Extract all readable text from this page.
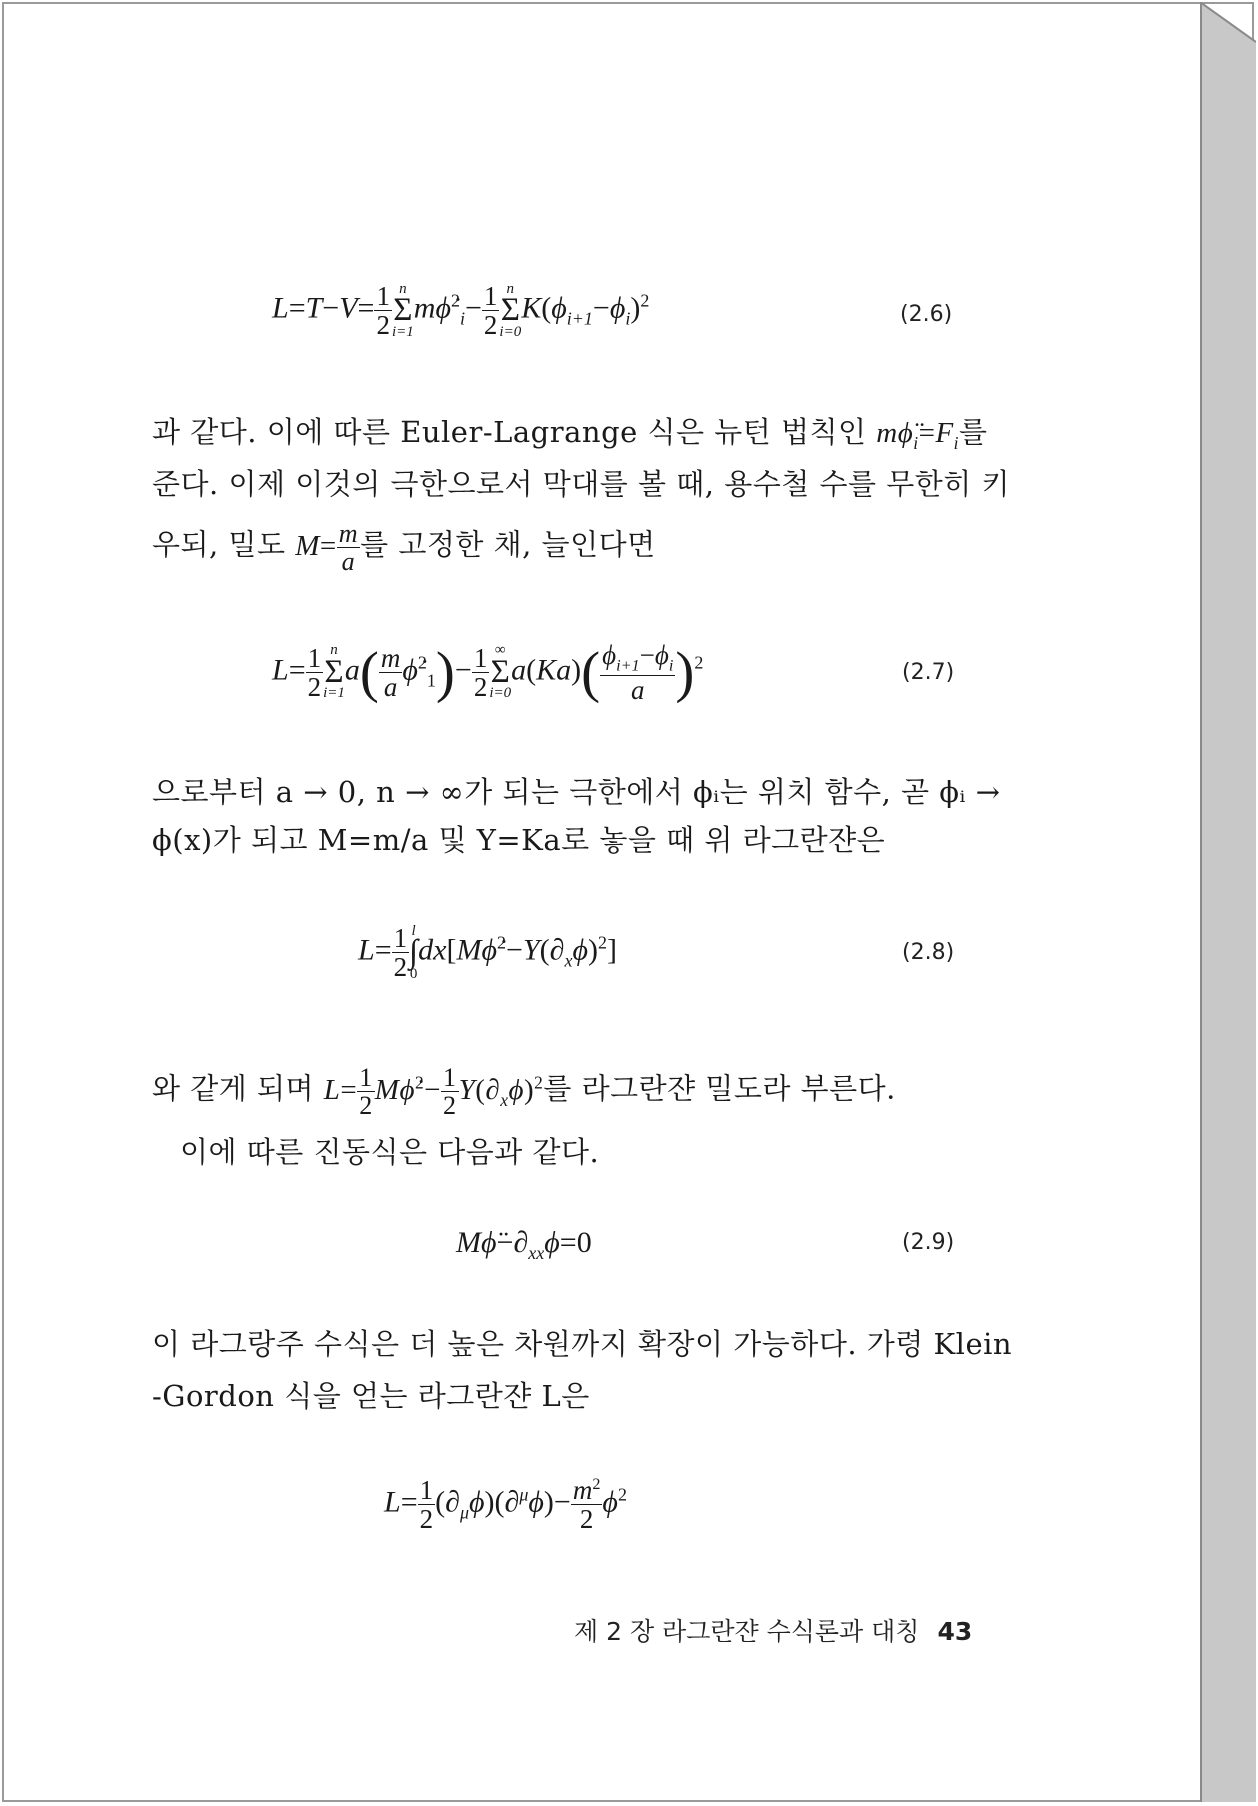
$L=T-V= \frac{1}{2}$ n
Σ
i=1
mϕ̇$^2_i$− $\frac{1}{2}$ n
Σ
i=0
$K(\phi_{i+1}-\phi_i)^2$
(2.6)
과 같다. 이에 따른 Euler-Lagrange 식은 뉴턴 법칙인 $m\phï_i=F_i$를
준다. 이제 이것의 극한으로서 막대를 볼 때, 용수철 수를 무한히 키
우되, 밀도 $M= \frac{m}{a}$ 를 고정한 채, 늘인다면
$L= \frac{1}{2}$ n
Σ
i=1
$a( \frac{m}{a}$ ϕ̇$^2_1$)− $\frac{1}{2}$ ∞
Σ
i=0
$a(Ka)( \frac{\phi_{i+1}-\phi_i}{a} )^2$	(2.7)
으로부터 a → 0, n → ∞가 되는 극한에서 ϕᵢ는 위치 함수, 곧 ϕᵢ →
ϕ(x)가 되고 M=m/a 및 Y=Ka로 놓을 때 위 라그란쟌은
$L= \frac{1}{2}$ l
∫
0
$dx[M\phi̇^2-Y(\partial_x\phi)^2]$	(2.8)
와 같게 되며 $L= \frac{1}{2}$ Mϕ̇$^2$− $\frac{1}{2} Y(\partial_x\phi)^2$를 라그란쟌 밀도라 부른다.
이에 따른 진동식은 다음과 같다.
$M\phï-\partial_{xx}\phi=0$	(2.9)
이 라그랑주 수식은 더 높은 차원까지 확장이 가능하다. 가령 Klein
-Gordon 식을 얻는 라그란쟌 L은
$L= \frac{1}{2} (\partial_\mu\phi)(\partial^\mu\phi)- \frac{m^2}{2} \phi^2$
제 2 장 라그란쟌 수식론과 대칭 43
